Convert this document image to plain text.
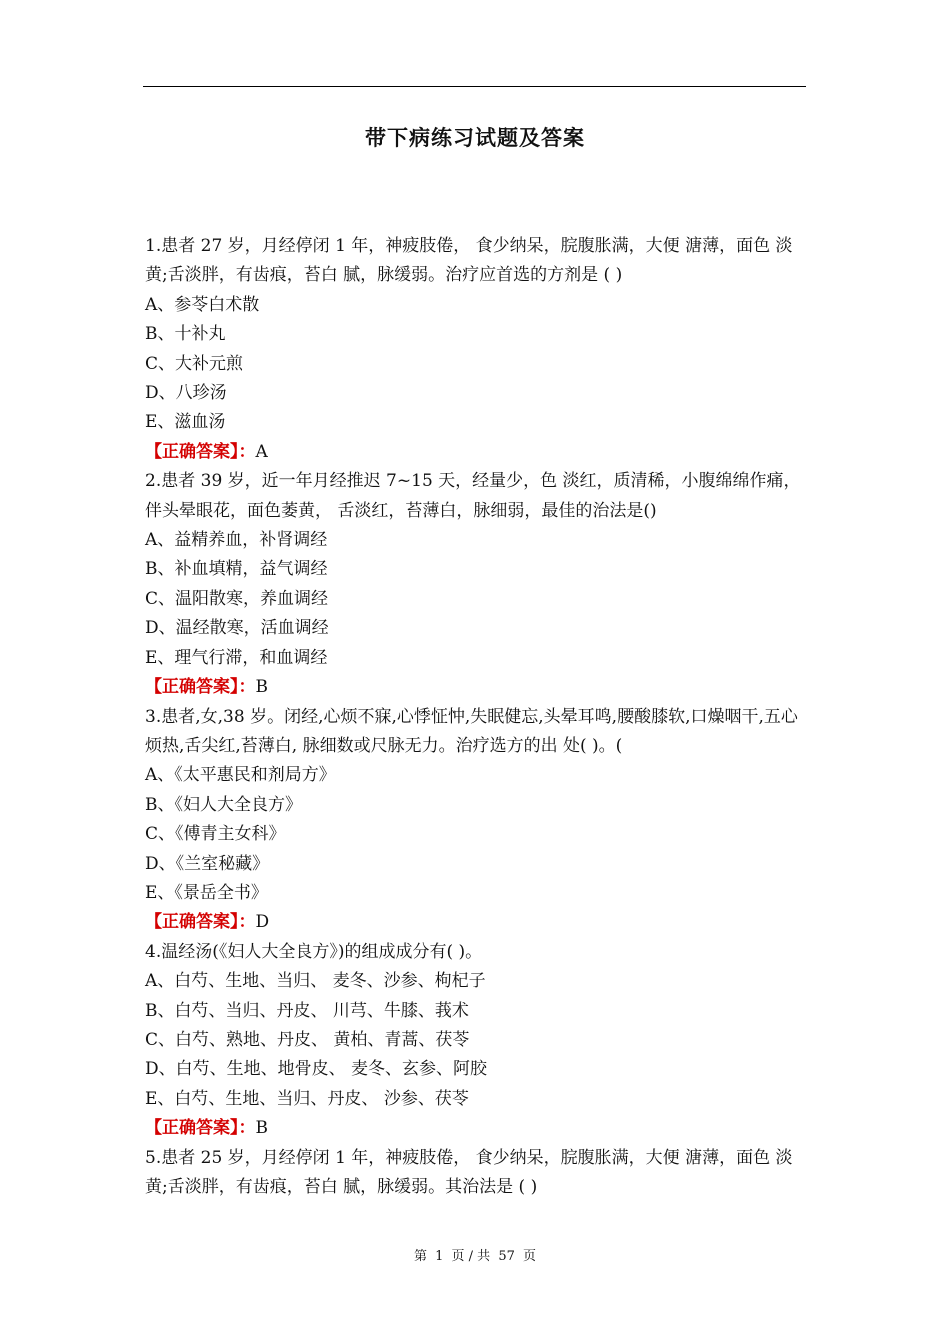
带下病练习试题及答案
1.患者 27 岁，月经停闭 1 年，神疲肢倦， 食少纳呆，脘腹胀满，大便 溏薄，面色 淡黄;舌淡胖，有齿痕，苔白 腻，脉缓弱。治疗应首选的方剂是 ( )
A、参苓白术散
B、十补丸
C、大补元煎
D、八珍汤
E、滋血汤
【正确答案】：A
2.患者 39 岁，近一年月经推迟 7~15 天，经量少，色 淡红，质清稀，小腹绵绵作痛，伴头晕眼花，面色萎黄， 舌淡红，苔薄白，脉细弱，最佳的治法是()
A、益精养血，补肾调经
B、补血填精，益气调经
C、温阳散寒，养血调经
D、温经散寒，活血调经
E、理气行滞，和血调经
【正确答案】：B
3.患者,女,38 岁。闭经,心烦不寐,心悸怔忡,失眠健忘,头晕耳鸣,腰酸膝软,口燥咽干,五心烦热,舌尖红,苔薄白, 脉细数或尺脉无力。治疗选方的出 处( )。(
A、《太平惠民和剂局方》
B、《妇人大全良方》
C、《傅青主女科》
D、《兰室秘藏》
E、《景岳全书》
【正确答案】：D
4.温经汤(《妇人大全良方》)的组成成分有( )。
A、白芍、生地、当归、 麦冬、沙参、枸杞子
B、白芍、当归、丹皮、 川芎、牛膝、莪术
C、白芍、熟地、丹皮、 黄柏、青蒿、茯苓
D、白芍、生地、地骨皮、 麦冬、玄参、阿胶
E、白芍、生地、当归、丹皮、 沙参、茯苓
【正确答案】：B
5.患者 25 岁，月经停闭 1 年，神疲肢倦， 食少纳呆，脘腹胀满，大便 溏薄，面色 淡黄;舌淡胖，有齿痕，苔白 腻，脉缓弱。其治法是 ( )
第 1 页 / 共 57 页
